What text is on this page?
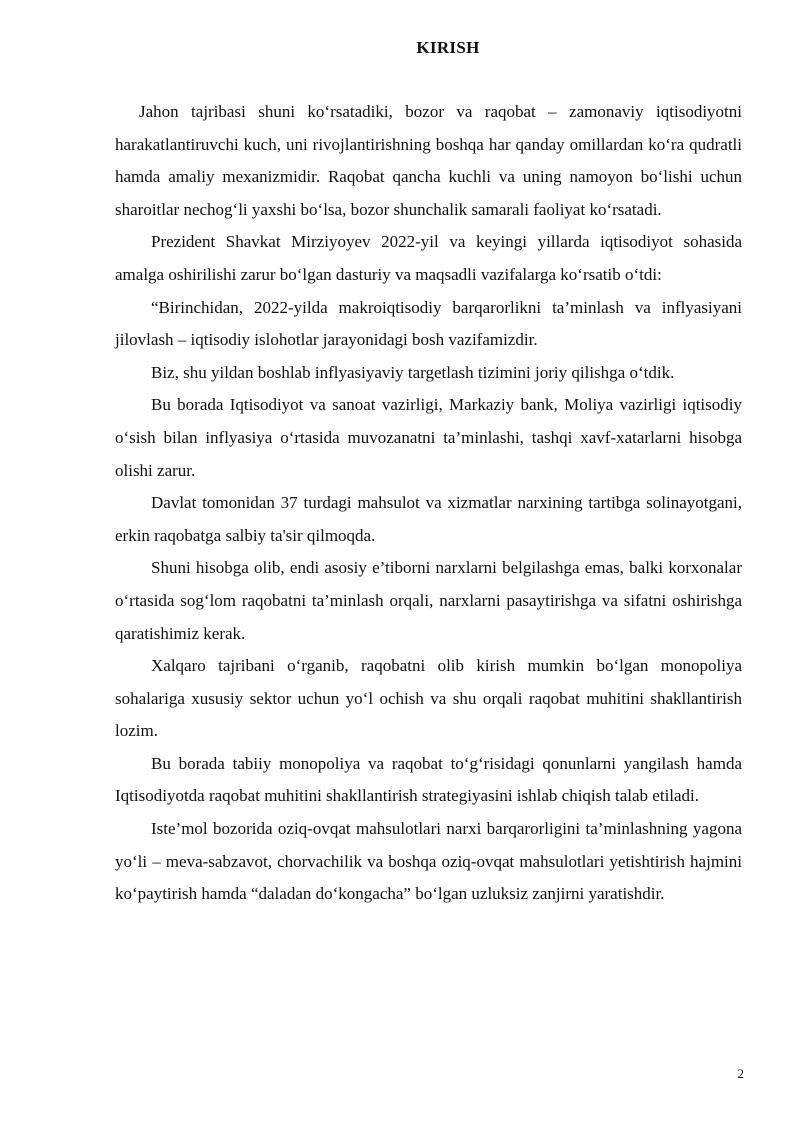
KIRISH

Jahon tajribasi shuni ko‘rsatadiki, bozor va raqobat – zamonaviy iqtisodiyotni harakatlantiruvchi kuch, uni rivojlantirishning boshqa har qanday omillardan ko‘ra qudratli hamda amaliy mexanizmidir. Raqobat qancha kuchli va uning namoyon bo‘lishi uchun sharoitlar nechog‘li yaxshi bo‘lsa, bozor shunchalik samarali faoliyat ko‘rsatadi.

Prezident Shavkat Mirziyoyev 2022-yil va keyingi yillarda iqtisodiyot sohasida amalga oshirilishi zarur bo‘lgan dasturiy va maqsadli vazifalarga ko‘rsatib o‘tdi:

“Birinchidan, 2022-yilda makroiqtisodiy barqarorlikni ta’minlash va inflyasiyani jilovlash – iqtisodiy islohotlar jarayonidagi bosh vazifamizdir.

Biz, shu yildan boshlab inflyasiyaviy targetlash tizimini joriy qilishga o‘tdik.

Bu borada Iqtisodiyot va sanoat vazirligi, Markaziy bank, Moliya vazirligi iqtisodiy o‘sish bilan inflyasiya o‘rtasida muvozanatni ta’minlashi, tashqi xavf-xatarlarni hisobga olishi zarur.

Davlat tomonidan 37 turdagi mahsulot va xizmatlar narxining tartibga solinayotgani, erkin raqobatga salbiy ta'sir qilmoqda.

Shuni hisobga olib, endi asosiy e’tiborni narxlarni belgilashga emas, balki korxonalar o‘rtasida sog‘lom raqobatni ta’minlash orqali, narxlarni pasaytirishga va sifatni oshirishga qaratishimiz kerak.

Xalqaro tajribani o‘rganib, raqobatni olib kirish mumkin bo‘lgan monopoliya sohalariga xususiy sektor uchun yo‘l ochish va shu orqali raqobat muhitini shakllantirish lozim.

Bu borada tabiiy monopoliya va raqobat to‘g‘risidagi qonunlarni yangilash hamda Iqtisodiyotda raqobat muhitini shakllantirish strategiyasini ishlab chiqish talab etiladi.

Iste’mol bozorida oziq-ovqat mahsulotlari narxi barqarorligini ta’minlashning yagona yo‘li – meva-sabzavot, chorvachilik va boshqa oziq-ovqat mahsulotlari yetishtirish hajmini ko‘paytirish hamda “daladan do‘kongacha” bo‘lgan uzluksiz zanjirni yaratishdir.

2
